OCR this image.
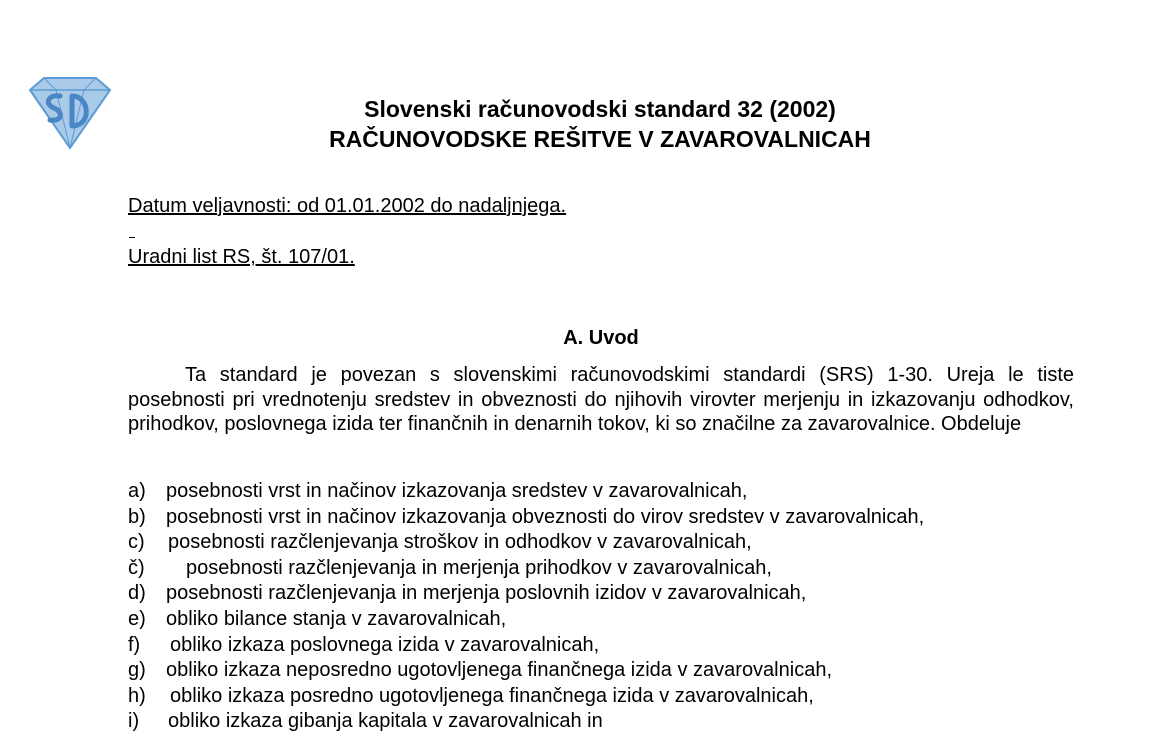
Slovenski računovodski standard 32 (2002)
RAČUNOVODSKE REŠITVE V ZAVAROVALNICAH
Datum veljavnosti: od 01.01.2002 do nadaljnjega.
Uradni list RS, št. 107/01.
A. Uvod
Ta standard je povezan s slovenskimi računovodskimi standardi (SRS) 1-30. Ureja le tiste posebnosti pri vrednotenju sredstev in obveznosti do njihovih virovter merjenju in izkazovanju odhodkov, prihodkov, poslovnega izida ter finančnih in denarnih tokov, ki so značilne za zavarovalnice. Obdeluje
a) posebnosti vrst in načinov izkazovanja sredstev v zavarovalnicah,
b) posebnosti vrst in načinov izkazovanja obveznosti do virov sredstev v zavarovalnicah,
c) posebnosti razčlenjevanja stroškov in odhodkov v zavarovalnicah,
č) posebnosti razčlenjevanja in merjenja prihodkov v zavarovalnicah,
d) posebnosti razčlenjevanja in merjenja poslovnih izidov v zavarovalnicah,
e) obliko bilance stanja v zavarovalnicah,
f) obliko izkaza poslovnega izida v zavarovalnicah,
g) obliko izkaza neposredno ugotovljenega finančnega izida v zavarovalnicah,
h) obliko izkaza posredno ugotovljenega finančnega izida v zavarovalnicah,
i) obliko izkaza gibanja kapitala v zavarovalnicah in
